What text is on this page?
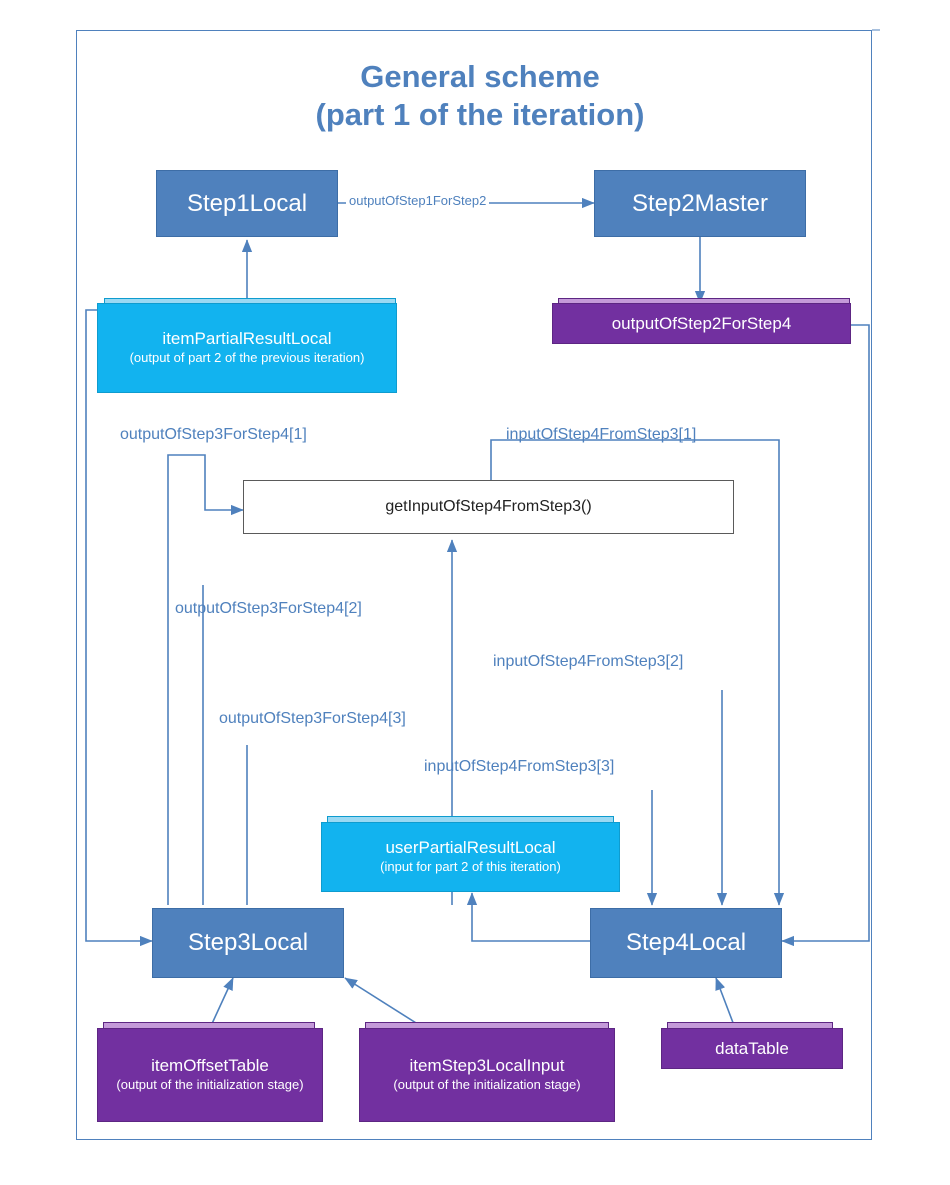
General scheme
(part 1 of the iteration)
Step1Local	Step2Master
itemPartialResultLocal
(output of part 2 of the previous iteration)
outputOfStep2ForStep4
getInputOfStep4FromStep3()
userPartialResultLocal
(input for part 2 of this iteration)
Step3Local	Step4Local
itemOffsetTable
(output of the initialization stage)
itemStep3LocalInput
(output of the initialization stage)
dataTable
outputOfStep1ForStep2
outputOfStep3ForStep4[1]
outputOfStep3ForStep4[2]
outputOfStep3ForStep4[3]
inputOfStep4FromStep3[1]
inputOfStep4FromStep3[2]
inputOfStep4FromStep3[3]
